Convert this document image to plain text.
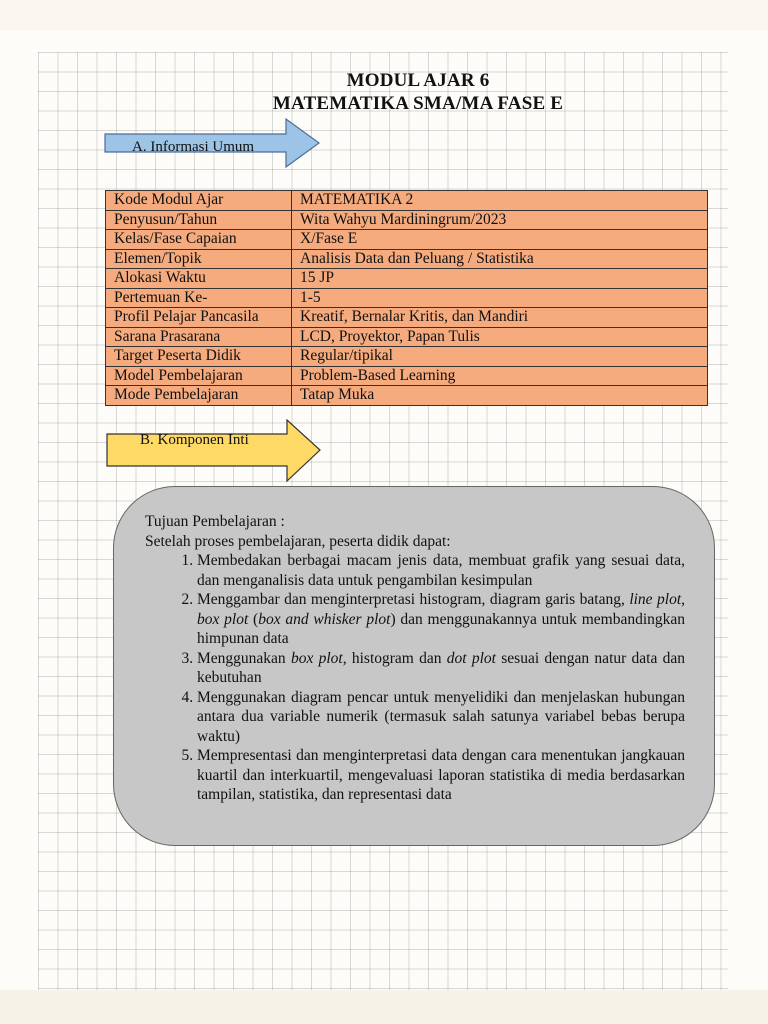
MODUL AJAR 6
MATEMATIKA SMA/MA FASE E
A. Informasi Umum
Kode Modul Ajar	MATEMATIKA 2
Penyusun/Tahun	Wita Wahyu Mardiningrum/2023
Kelas/Fase Capaian	X/Fase E
Elemen/Topik	Analisis Data dan Peluang / Statistika
Alokasi Waktu	15 JP
Pertemuan Ke-	1-5
Profil Pelajar Pancasila	Kreatif, Bernalar Kritis, dan Mandiri
Sarana Prasarana	LCD, Proyektor, Papan Tulis
Target Peserta Didik	Regular/tipikal
Model Pembelajaran	Problem-Based Learning
Mode Pembelajaran	Tatap Muka
B. Komponen Inti

Tujuan Pembelajaran :

Setelah proses pembelajaran, peserta didik dapat:

1. Membedakan berbagai macam jenis data, membuat grafik yang sesuai data, dan menganalisis data untuk pengambilan kesimpulan
2. Menggambar dan menginterpretasi histogram, diagram garis batang, line plot, box plot (box and whisker plot) dan menggunakannya untuk membandingkan himpunan data
3. Menggunakan box plot, histogram dan dot plot sesuai dengan natur data dan kebutuhan
4. Menggunakan diagram pencar untuk menyelidiki dan menjelaskan hubungan antara dua variable numerik (termasuk salah satunya variabel bebas berupa waktu)
5. Mempresentasi dan menginterpretasi data dengan cara menentukan jangkauan kuartil dan interkuartil, mengevaluasi laporan statistika di media berdasarkan tampilan, statistika, dan representasi data
